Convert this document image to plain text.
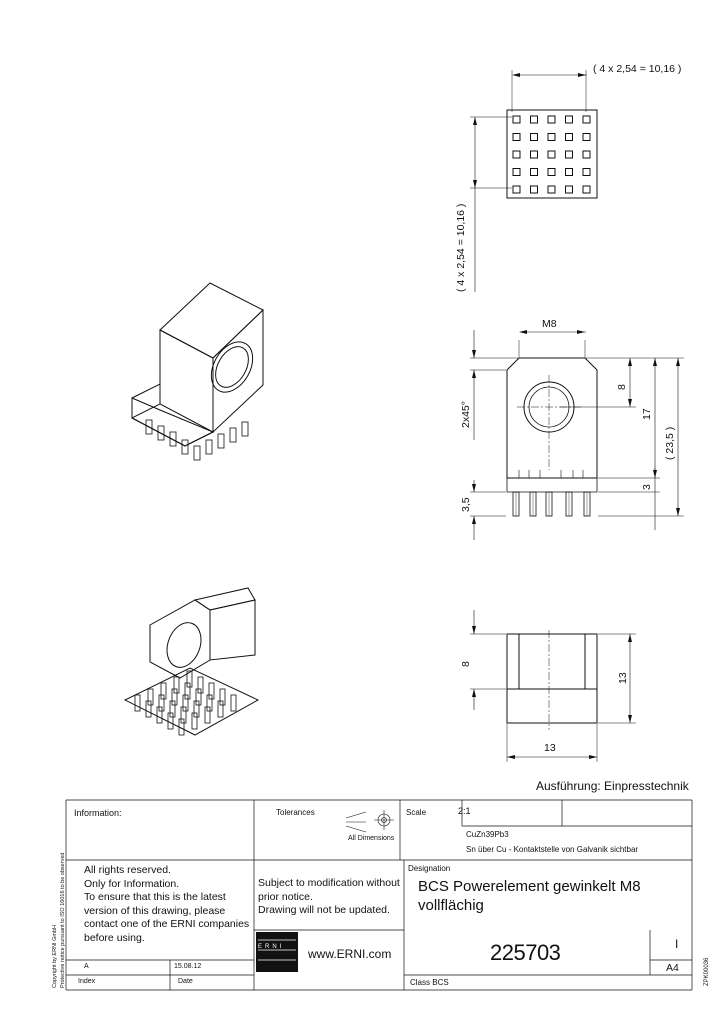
( 4 x 2,54 = 10,16 )
( 4 x 2,54 = 10,16 )
M8
2x45°
8
17
( 23,5 )
3
3,5
8
13
13
Ausführung: Einpresstechnik
Information:	Tolerances
All Dimensions
Scale	2:1
CuZn39Pb3
Sn über Cu - Kontaktstelle von Galvanik sichtbar
All rights reserved.
Only for Information.
To ensure that this is the latest
version of this drawing, please
contact one of the ERNI companies
before using.
Subject to modification without
prior notice.
Drawing will not be updated.
Designation
BCS Powerelement gewinkelt M8
vollflächig
ERNI www.ERNI.com	225703	I
A4
A	15.08.12
Index	Date	Class BCS
Copyright by ERNI GmbH Protective notice pursuant to ISO 16016 to be observed	ZPK00036
